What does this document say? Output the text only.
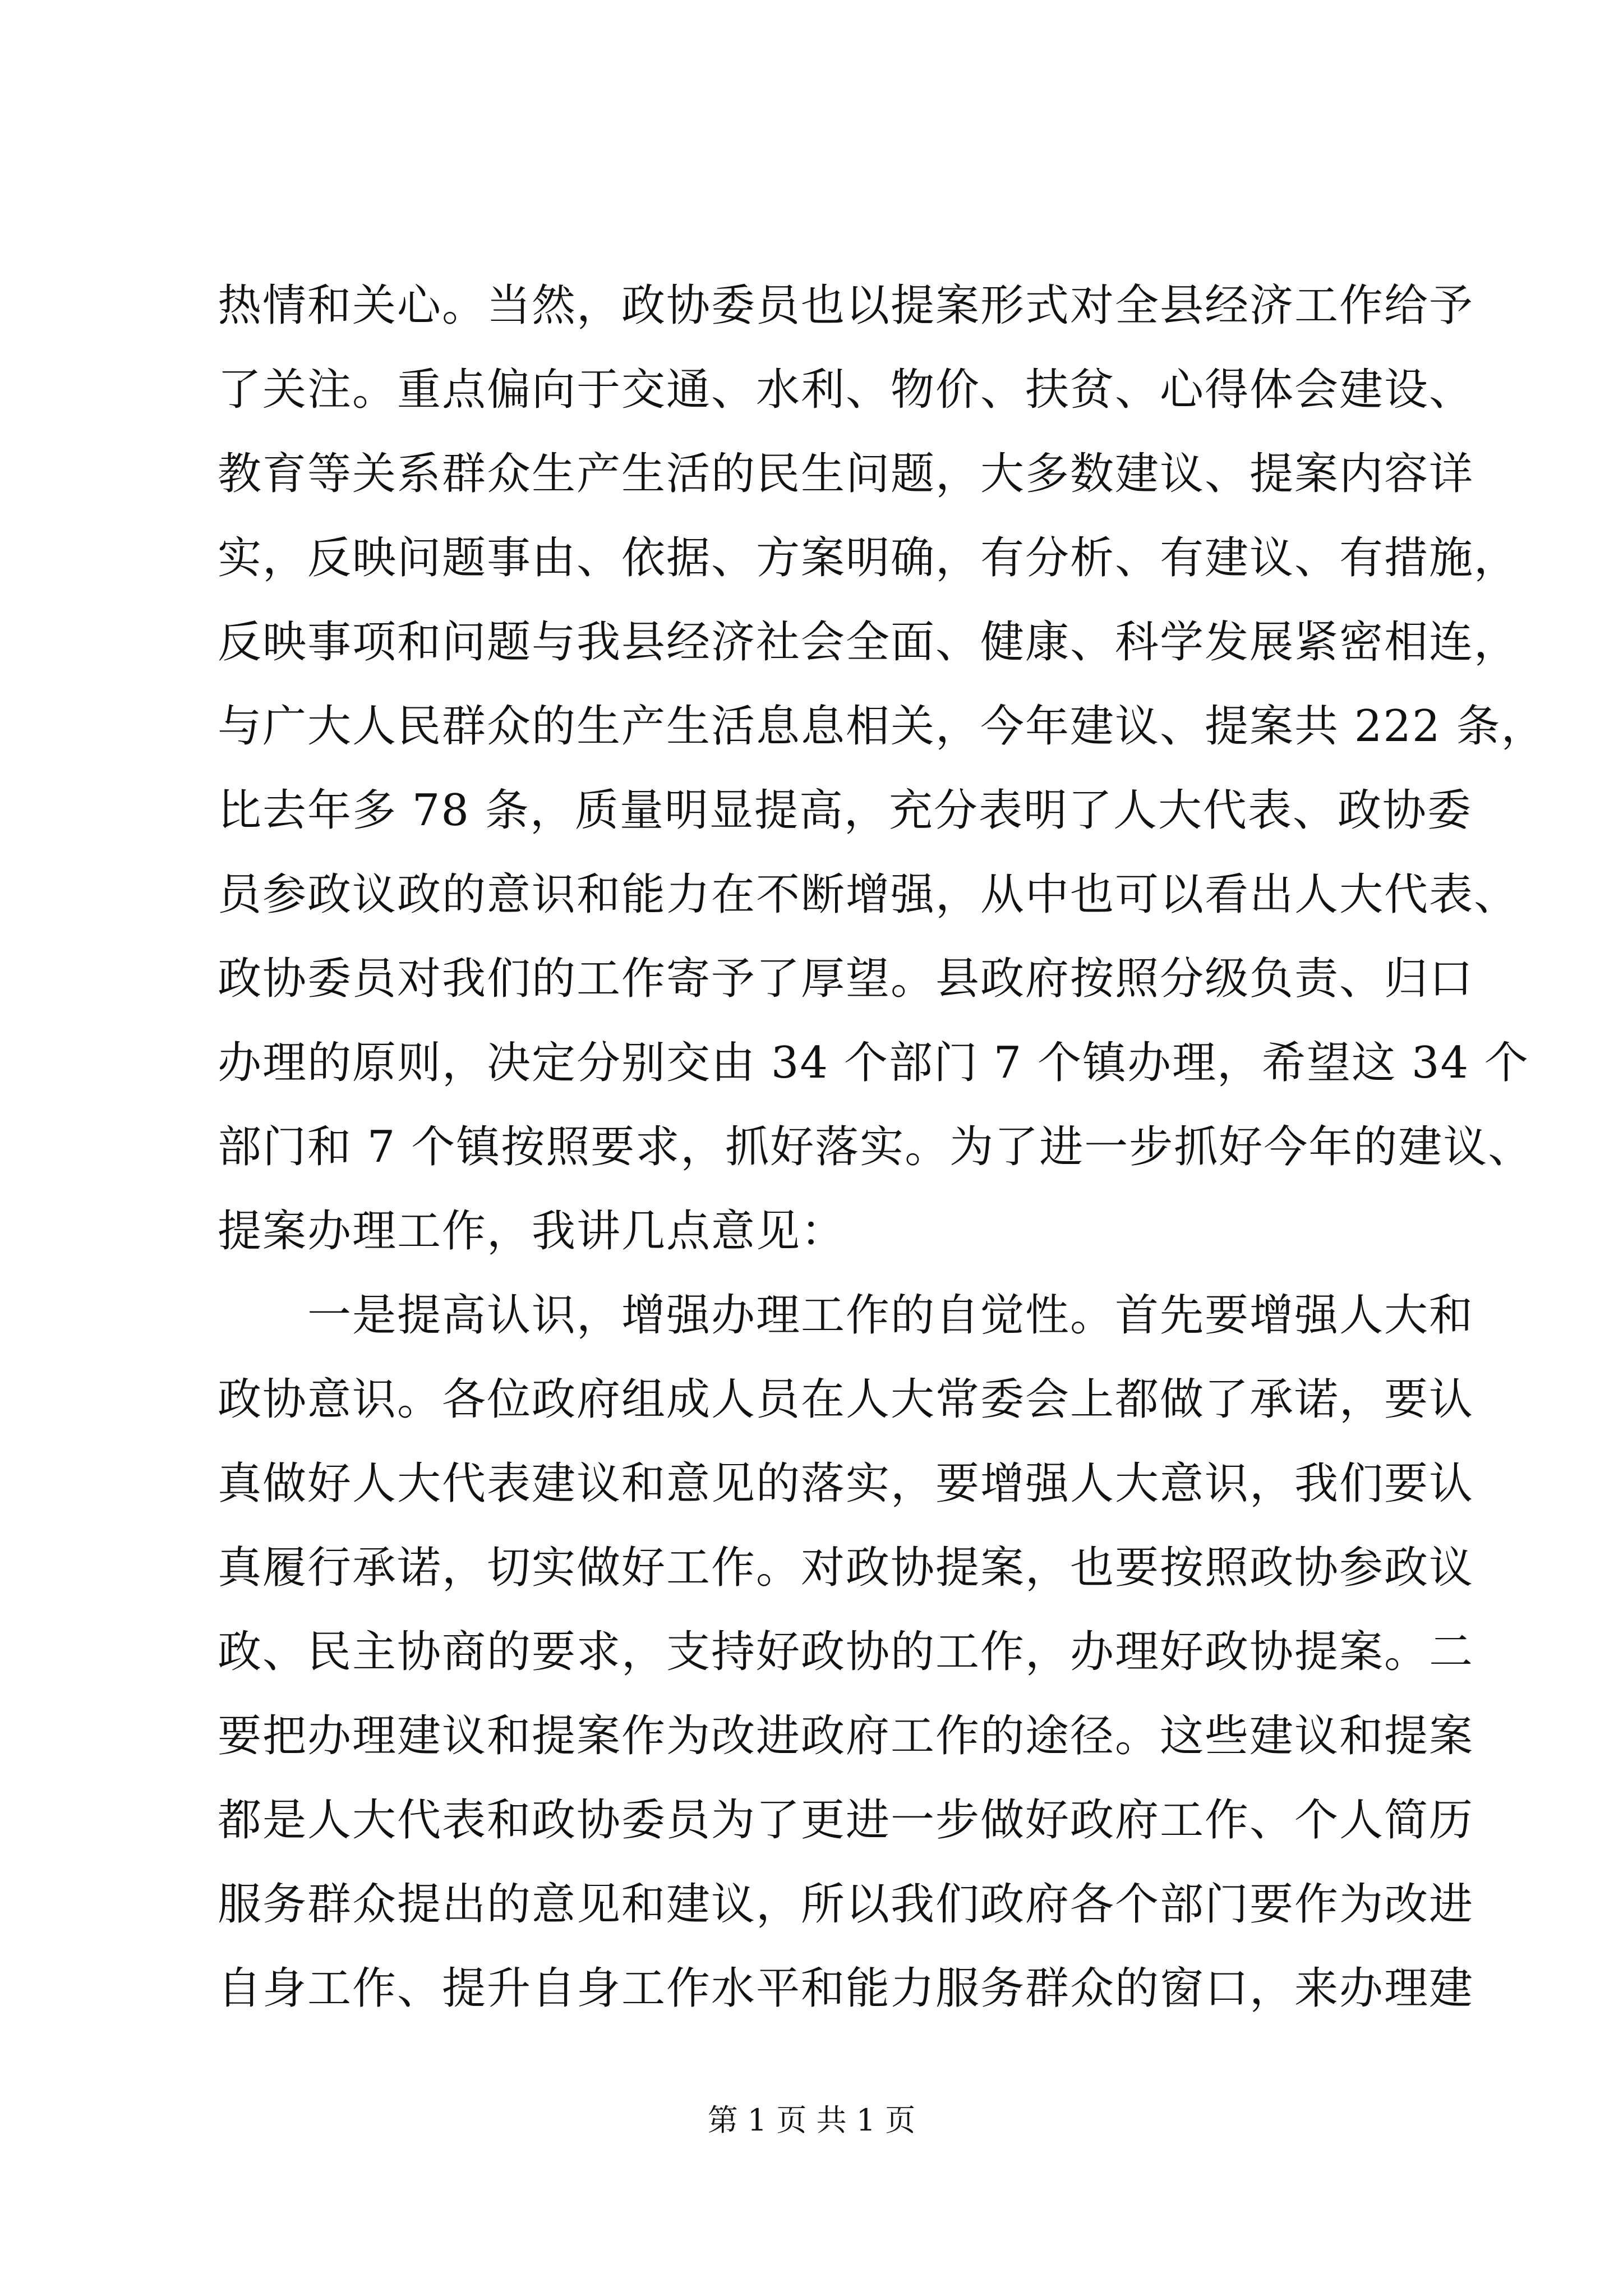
热情和关心。当然，政协委员也以提案形式对全县经济工作给予
了关注。重点偏向于交通、水利、物价、扶贫、心得体会建设、
教育等关系群众生产生活的民生问题，大多数建议、提案内容详
实，反映问题事由、依据、方案明确，有分析、有建议、有措施，
反映事项和问题与我县经济社会全面、健康、科学发展紧密相连，
与广大人民群众的生产生活息息相关，今年建议、提案共 222 条，
比去年多 78 条，质量明显提高，充分表明了人大代表、政协委
员参政议政的意识和能力在不断增强，从中也可以看出人大代表、
政协委员对我们的工作寄予了厚望。县政府按照分级负责、归口
办理的原则，决定分别交由 34 个部门 7 个镇办理，希望这 34 个
部门和 7 个镇按照要求，抓好落实。为了进一步抓好今年的建议、
提案办理工作，我讲几点意见：
　　一是提高认识，增强办理工作的自觉性。首先要增强人大和
政协意识。各位政府组成人员在人大常委会上都做了承诺，要认
真做好人大代表建议和意见的落实，要增强人大意识，我们要认
真履行承诺，切实做好工作。对政协提案，也要按照政协参政议
政、民主协商的要求，支持好政协的工作，办理好政协提案。二
要把办理建议和提案作为改进政府工作的途径。这些建议和提案
都是人大代表和政协委员为了更进一步做好政府工作、个人简历
服务群众提出的意见和建议，所以我们政府各个部门要作为改进
自身工作、提升自身工作水平和能力服务群众的窗口，来办理建
第 1 页 共 1 页
